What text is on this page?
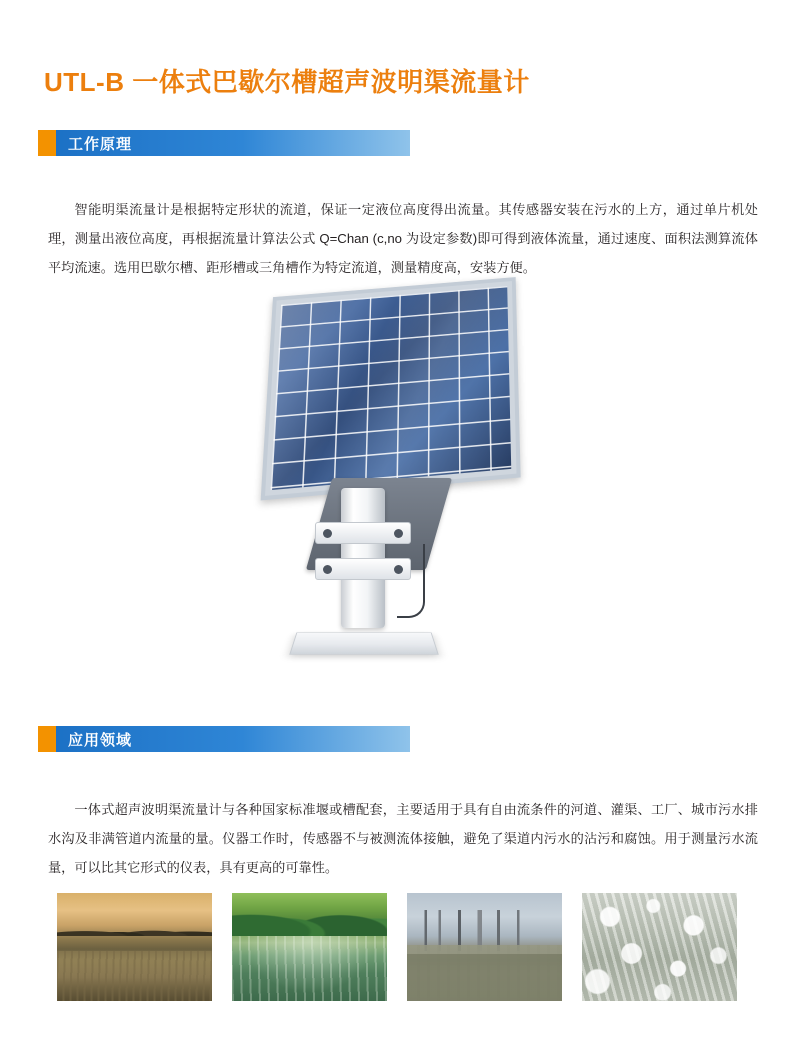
UTL-B 一体式巴歇尔槽超声波明渠流量计
工作原理

智能明渠流量计是根据特定形状的流道，保证一定液位高度得出流量。其传感器安装在污水的上方，通过单片机处理，测量出液位高度，再根据流量计算法公式 Q=Chan (c,no 为设定参数)即可得到液体流量，通过速度、面积法测算流体平均流速。选用巴歇尔槽、距形槽或三角槽作为特定流道，测量精度高，安装方便。

应用领域

一体式超声波明渠流量计与各种国家标准堰或槽配套，主要适用于具有自由流条件的河道、灌渠、工厂、城市污水排水沟及非满管道内流量的量。仪器工作时，传感器不与被测流体接触，避免了渠道内污水的沾污和腐蚀。用于测量污水流量，可以比其它形式的仪表，具有更高的可靠性。
